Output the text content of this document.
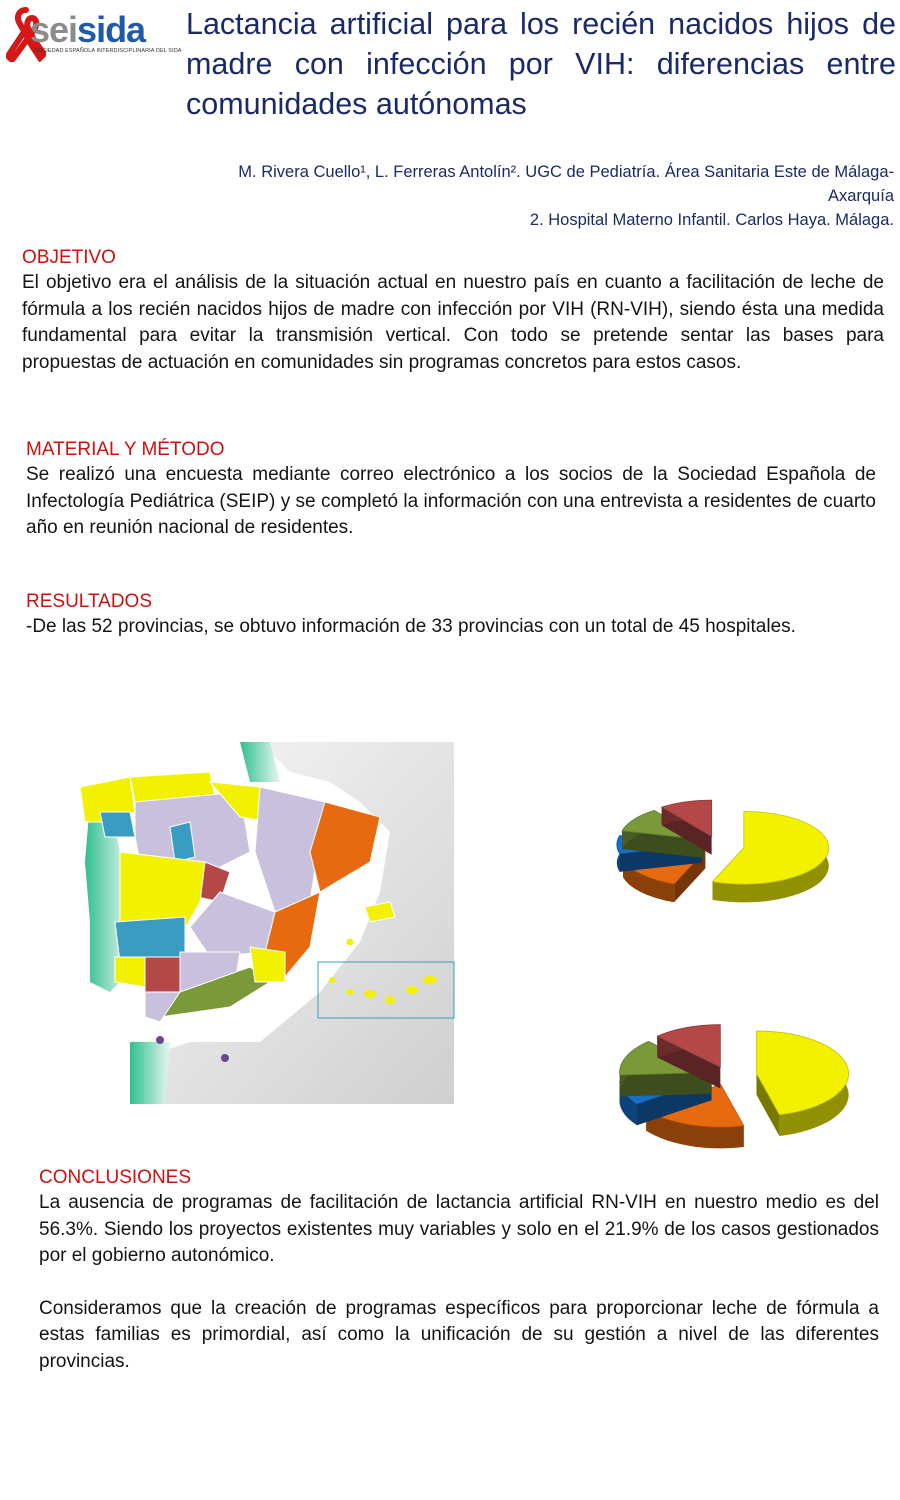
seisida
SOCIEDAD ESPAÑOLA INTERDISCIPLINARIA DEL SIDA
Lactancia artificial para los recién nacidos hijos de madre con infección por VIH: diferencias entre comunidades autónomas

M. Rivera Cuello¹, L. Ferreras Antolín². UGC de Pediatría. Área Sanitaria Este de Málaga-Axarquía

2. Hospital Materno Infantil. Carlos Haya. Málaga.

OBJETIVO

El objetivo era el análisis de la situación actual en nuestro país en cuanto a facilitación de leche de fórmula a los recién nacidos hijos de madre con infección por VIH (RN-VIH), siendo ésta una medida fundamental para evitar la transmisión vertical. Con todo se pretende sentar las bases para propuestas de actuación en comunidades sin programas concretos para estos casos.

MATERIAL Y MÉTODO

Se realizó una encuesta mediante correo electrónico a los socios de la Sociedad Española de Infectología Pediátrica (SEIP) y se completó la información con una entrevista a residentes de cuarto año en reunión nacional de residentes.

RESULTADOS

-De las 52 provincias, se obtuvo información de 33 provincias con un total de 45 hospitales.

CONCLUSIONES

La ausencia de programas de facilitación de lactancia artificial RN-VIH en nuestro medio es del 56.3%. Siendo los proyectos existentes muy variables y solo en el 21.9% de los casos gestionados por el gobierno autonómico.

Consideramos que la creación de programas específicos para proporcionar leche de fórmula a estas familias es primordial, así como la unificación de su gestión a nivel de las diferentes provincias.
